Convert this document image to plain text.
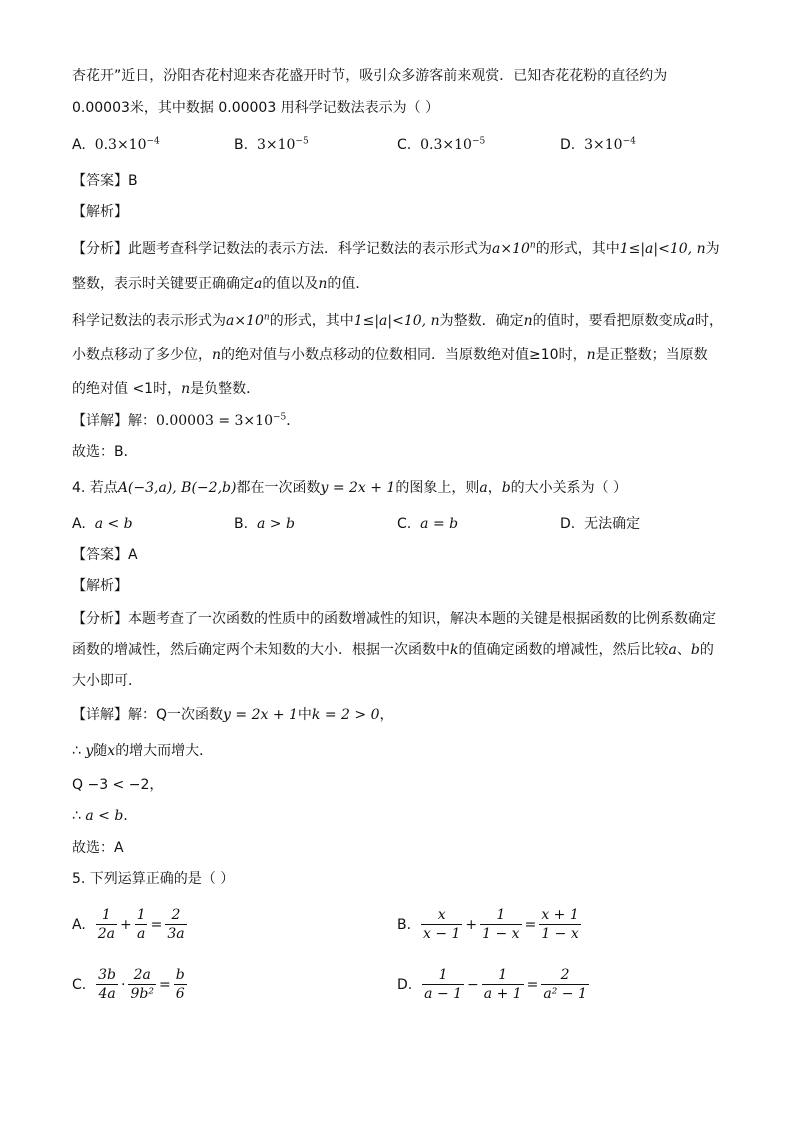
杏花开”近日，汾阳杏花村迎来杏花盛开时节，吸引众多游客前来观赏．已知杏花花粉的直径约为
0.00003米，其中数据 0.00003 用科学记数法表示为（ ）
A. $0.3\times 10^{-4}$	B. $3\times 10^{-5}$	C. $0.3\times 10^{-5}$	D. $3\times 10^{-4}$
【答案】B
【解析】
【分析】此题考查科学记数法的表示方法．科学记数法的表示形式为$a\times 10^n$的形式，其中1≤|a|<10, n为
整数，表示时关键要正确确定a的值以及n的值．
科学记数法的表示形式为$a\times 10^n$的形式，其中1≤|a|<10, n为整数．确定n的值时，要看把原数变成a时，
小数点移动了多少位，n的绝对值与小数点移动的位数相同．当原数绝对值≥10时，n是正整数；当原数
的绝对值 <1时，n是负整数．
【详解】解：$0.00003 = 3\times 10^{-5}$．
故选：B．
4. 若点A(−3,a), B(−2,b)都在一次函数y = 2x + 1的图象上，则a，b的大小关系为（ ）
A. a < b	B. a > b	C. a = b	D. 无法确定
【答案】A
【解析】
【分析】本题考查了一次函数的性质中的函数增减性的知识，解决本题的关键是根据函数的比例系数确定
函数的增减性，然后确定两个未知数的大小．根据一次函数中k的值确定函数的增减性，然后比较a、b的
大小即可．
【详解】解：Q一次函数y = 2x + 1中k = 2 > 0，
∴ y随x的增大而增大．
Q −3 < −2，
∴ a < b．
故选：A
5. 下列运算正确的是（ ）
A.
$\frac{1}{2a} + \frac{1}{a} = \frac{2}{3a}$	B.
$\frac{x}{x - 1} + \frac{1}{1 - x} = \frac{x + 1}{1 - x}$
C.
$\frac{3b}{4a} \cdot \frac{2a}{\text{9b²}} = \frac{b}{6}$	D.
$\frac{1}{a - 1} - \frac{1}{a + 1} = \frac{2}{\text{a² − 1}}$
